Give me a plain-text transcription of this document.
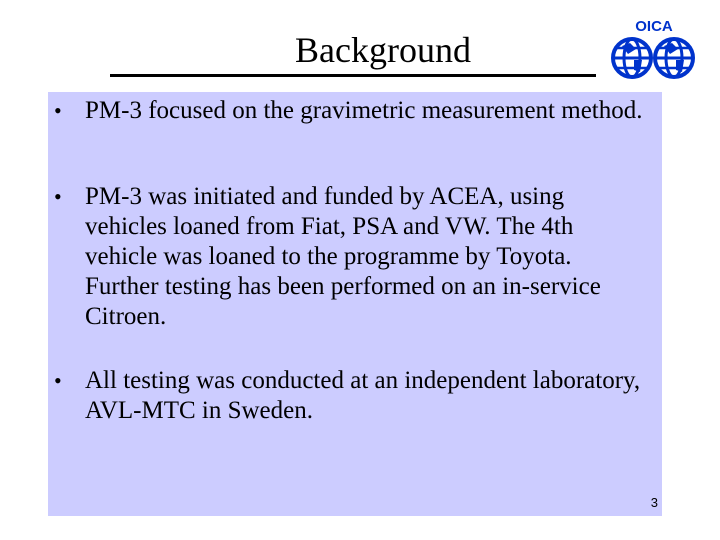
Background
OICA
• PM-3 focused on the gravimetric measurement method.
• PM-3 was initiated and funded by ACEA, using vehicles loaned from Fiat, PSA and VW. The 4th vehicle was loaned to the programme by Toyota. Further testing has been performed on an in-service Citroen.
• All testing was conducted at an independent laboratory, AVL-MTC in Sweden.
3
